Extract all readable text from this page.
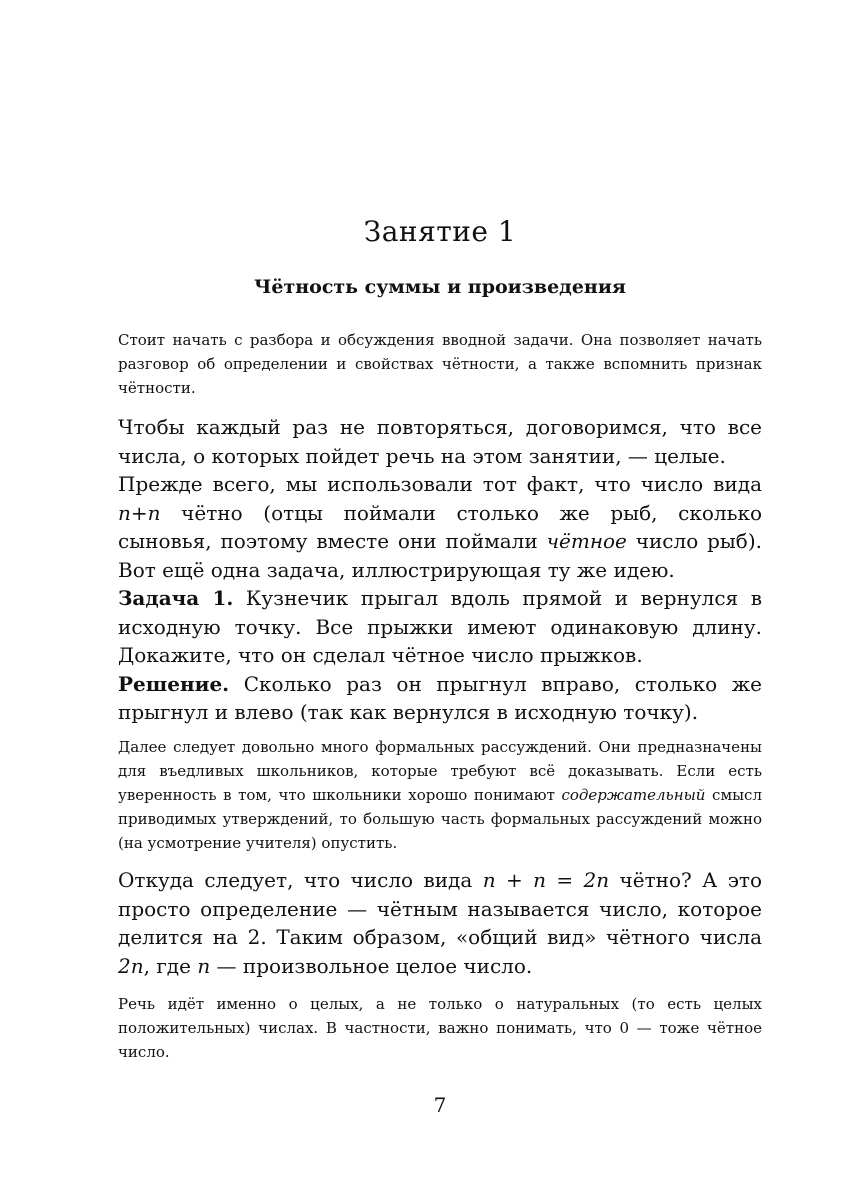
Занятие 1
Чётность суммы и произведения
Стоит начать с разбора и обсуждения вводной задачи. Она позволяет начать разговор об определении и свойствах чётности, а также вспомнить признак чётности.

Чтобы каждый раз не повторяться, договоримся, что все числа, о которых пойдет речь на этом занятии, — целые.

Прежде всего, мы использовали тот факт, что число вида n+n чётно (отцы поймали столько же рыб, сколько сыновья, поэтому вместе они поймали чётное число рыб). Вот ещё одна задача, иллюстрирующая ту же идею.

Задача 1. Кузнечик прыгал вдоль прямой и вернулся в исходную точку. Все прыжки имеют одинаковую длину. Докажите, что он сделал чётное число прыжков.

Решение. Сколько раз он прыгнул вправо, столько же прыгнул и влево (так как вернулся в исходную точку).

Далее следует довольно много формальных рассуждений. Они предназначены для въедливых школьников, которые требуют всё доказывать. Если есть уверенность в том, что школьники хорошо понимают содержательный смысл приводимых утверждений, то большую часть формальных рассуждений можно (на усмотрение учителя) опустить.

Откуда следует, что число вида n + n = 2n чётно? А это просто определение — чётным называется число, которое делится на 2. Таким образом, «общий вид» чётного числа 2n, где n — произвольное целое число.

Речь идёт именно о целых, а не только о натуральных (то есть целых положительных) числах. В частности, важно понимать, что 0 — тоже чётное число.
7
